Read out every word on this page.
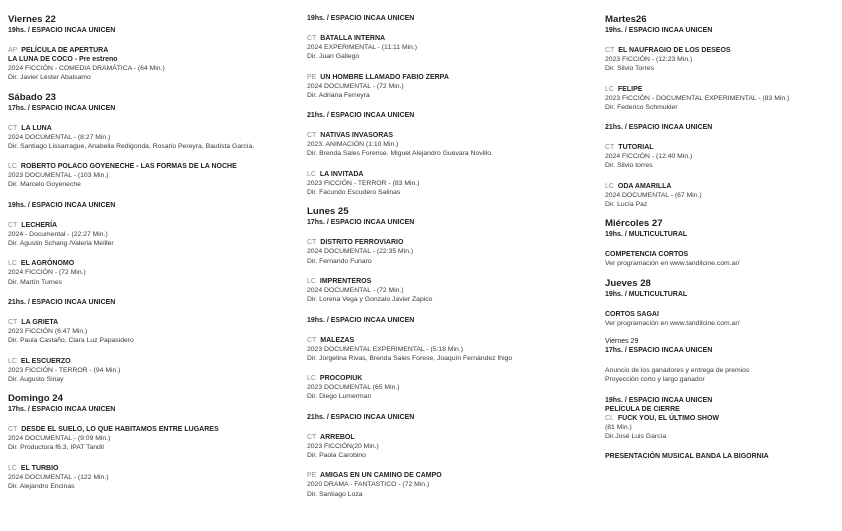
Viernes 22
19hs. / ESPACIO INCAA UNICEN
AP PELÍCULA DE APERTURA
LA LUNA DE COCO - Pre estreno
2024 FICCIÓN - COMEDIA DRAMÁTICA - (64 Min.)
Dir. Javier Léster Abalsamo
Sábado 23
17hs. / ESPACIO INCAA UNICEN
CT LA LUNA
2024 DOCUMENTAL - (8:27 Min.)
Dir. Santiago Lissarrague, Anabella Redigonda, Rosario Pereyra, Bautista García.
LC ROBERTO POLACO GOYENECHE - LAS FORMAS DE LA NOCHE
2023 DOCUMENTAL - (103 Min.)
Dir. Marcelo Goyeneche
19hs. / ESPACIO INCAA UNICEN
CT LECHERÍA
2024 - Documental - (22:27 Min.)
Dir. Agustin Schang /Valeria Meiller
LC EL AGRÓNOMO
2024 FICCIÓN - (72 Min.)
Dir. Martín Turnes
21hs. / ESPACIO INCAA UNICEN
CT LA GRIETA
2023 FICCIÓN (6:47 Min.)
Dir. Paula Castaño, Clara Luz Papasidero
LC EL ESCUERZO
2023 FICCIÓN - TERROR - (94 Min.)
Dir. Augusto Sinay
Domingo 24
17hs. / ESPACIO INCAA UNICEN
CT DESDE EL SUELO, LO QUE HABITAMOS ENTRE LUGARES
2024 DOCUMENTAL - (9:09 Min.)
Dir. Productora f6.3, IPAT Tandil
LC EL TURBIO
2024 DOCUMENTAL - (122 Min.)
Dir. Alejandro Encinas
19hs. / ESPACIO INCAA UNICEN
CT BATALLA INTERNA
2024 EXPERIMENTAL - (11:11 Min.)
Dir. Juan Gallego
PE UN HOMBRE LLAMADO FABIO ZERPA
2024 DOCUMENTAL - (72 Min.)
Dir. Adriana Ferreyra
21hs. / ESPACIO INCAA UNICEN
CT NATIVAS INVASORAS
2023. ANIMACIÓN (1:10 Min.)
Dir. Brenda Sales Forense. Miguel Alejandro Guevara Novillo.
LC LA INVITADA
2023 FICCIÓN - TERROR - (83 Min.)
Dir. Facundo Escudero Salinas
Lunes 25
17hs. / ESPACIO INCAA UNICEN
CT DISTRITO FERROVIARIO
2024 DOCUMENTAL - (22:35 Min.)
Dir. Fernando Funaro
LC IMPRENTEROS
2024 DOCUMENTAL - (72 Min.)
Dir. Lorena Vega y Gonzalo Javier Zapico
19hs. / ESPACIO INCAA UNICEN
CT MALEZAS
2023 DOCUMENTAL EXPERIMENTAL - (5:18 Min.)
Dir. Jorgelina Rivas, Brenda Sales Forese, Joaquín Fernández Ihigo
LC PROCOPIUK
2023 DOCUMENTAL (65 Min.)
Dir. Diego Lumerman
21hs. / ESPACIO INCAA UNICEN
CT ARREBOL
2023 FICCIÓN(20 Min.)
Dir. Paola Carobino
PE AMIGAS EN UN CAMINO DE CAMPO
2020 DRAMA - FANTASTICO - (72 Min.)
Dir. Santiago Loza
Martes26
19hs. / ESPACIO INCAA UNICEN
CT EL NAUFRAGIO DE LOS DESEOS
2023 FICCIÓN - (12:23 Min.)
Dir. Silvio Torres
LC FELIPE
2023 FICCIÓN - DOCUMENTAL EXPERIMENTAL - (83 Min.)
Dir. Federico Schmukler
21hs. / ESPACIO INCAA UNICEN
CT TUTORIAL
2024 FICCIÓN - (12:40 Min.)
Dir. Silvio torres
LC ODA AMARILLA
2024 DOCUMENTAL - (67 Min.)
Dir. Lucía Paz
Miércoles 27
19hs. / MULTICULTURAL
COMPETENCIA CORTOS
Ver programación en www.tandilcine.com.ar/
Jueves 28
19hs. / MULTICULTURAL
CORTOS SAGAI
Ver programación en www.tandilcine.com.ar/
Viernes 29
17hs. / ESPACIO INCAA UNICEN
Anuncio de los ganadores y entrega de premios
Proyección corto y largo ganador
19hs. / ESPACIO INCAA UNICEN
PELÍCULA DE CIERRE
CL FUCK YOU, EL ÚLTIMO SHOW
(81 Min.)
Dir.José Luis García
PRESENTACIÓN MUSICAL BANDA LA BIGORNIA
